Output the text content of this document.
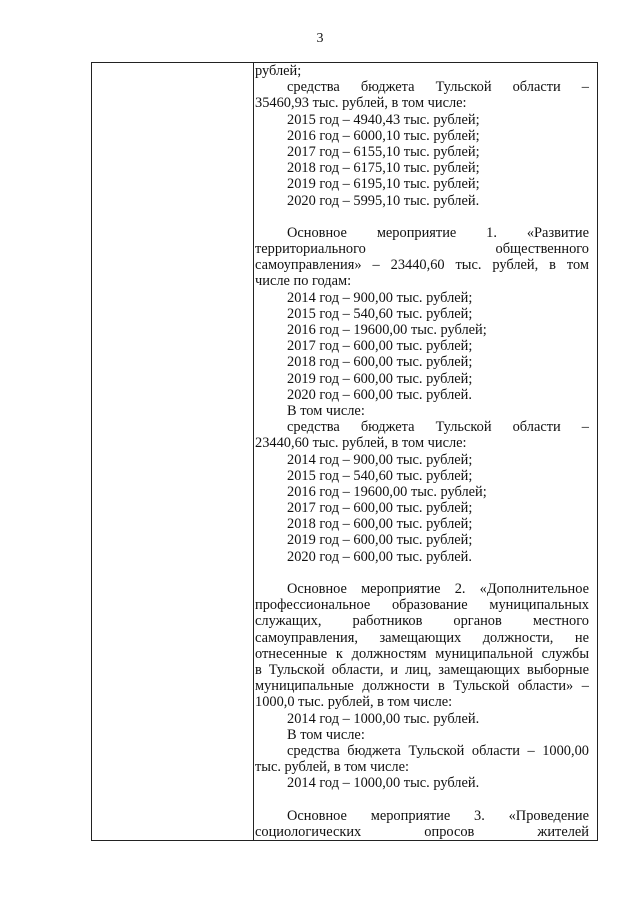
3
рублей;
средства бюджета Тульской области –
35460,93 тыс. рублей, в том числе:
2015 год – 4940,43 тыс. рублей;
2016 год – 6000,10 тыс. рублей;
2017 год – 6155,10 тыс. рублей;
2018 год – 6175,10 тыс. рублей;
2019 год – 6195,10 тыс. рублей;
2020 год – 5995,10 тыс. рублей.
Основное мероприятие 1. «Развитие
территориального общественного
самоуправления» – 23440,60 тыс. рублей, в том
числе по годам:
2014 год – 900,00 тыс. рублей;
2015 год – 540,60 тыс. рублей;
2016 год – 19600,00 тыс. рублей;
2017 год – 600,00 тыс. рублей;
2018 год – 600,00 тыс. рублей;
2019 год – 600,00 тыс. рублей;
2020 год – 600,00 тыс. рублей.
В том числе:
средства бюджета Тульской области –
23440,60 тыс. рублей, в том числе:
2014 год – 900,00 тыс. рублей;
2015 год – 540,60 тыс. рублей;
2016 год – 19600,00 тыс. рублей;
2017 год – 600,00 тыс. рублей;
2018 год – 600,00 тыс. рублей;
2019 год – 600,00 тыс. рублей;
2020 год – 600,00 тыс. рублей.
Основное мероприятие 2. «Дополнительное
профессиональное образование муниципальных
служащих, работников органов местного
самоуправления, замещающих должности, не
отнесенные к должностям муниципальной службы
в Тульской области, и лиц, замещающих выборные
муниципальные должности в Тульской области» –
1000,0 тыс. рублей, в том числе:
2014 год – 1000,00 тыс. рублей.
В том числе:
средства бюджета Тульской области – 1000,00
тыс. рублей, в том числе:
2014 год – 1000,00 тыс. рублей.
Основное мероприятие 3. «Проведение
социологических опросов жителей
